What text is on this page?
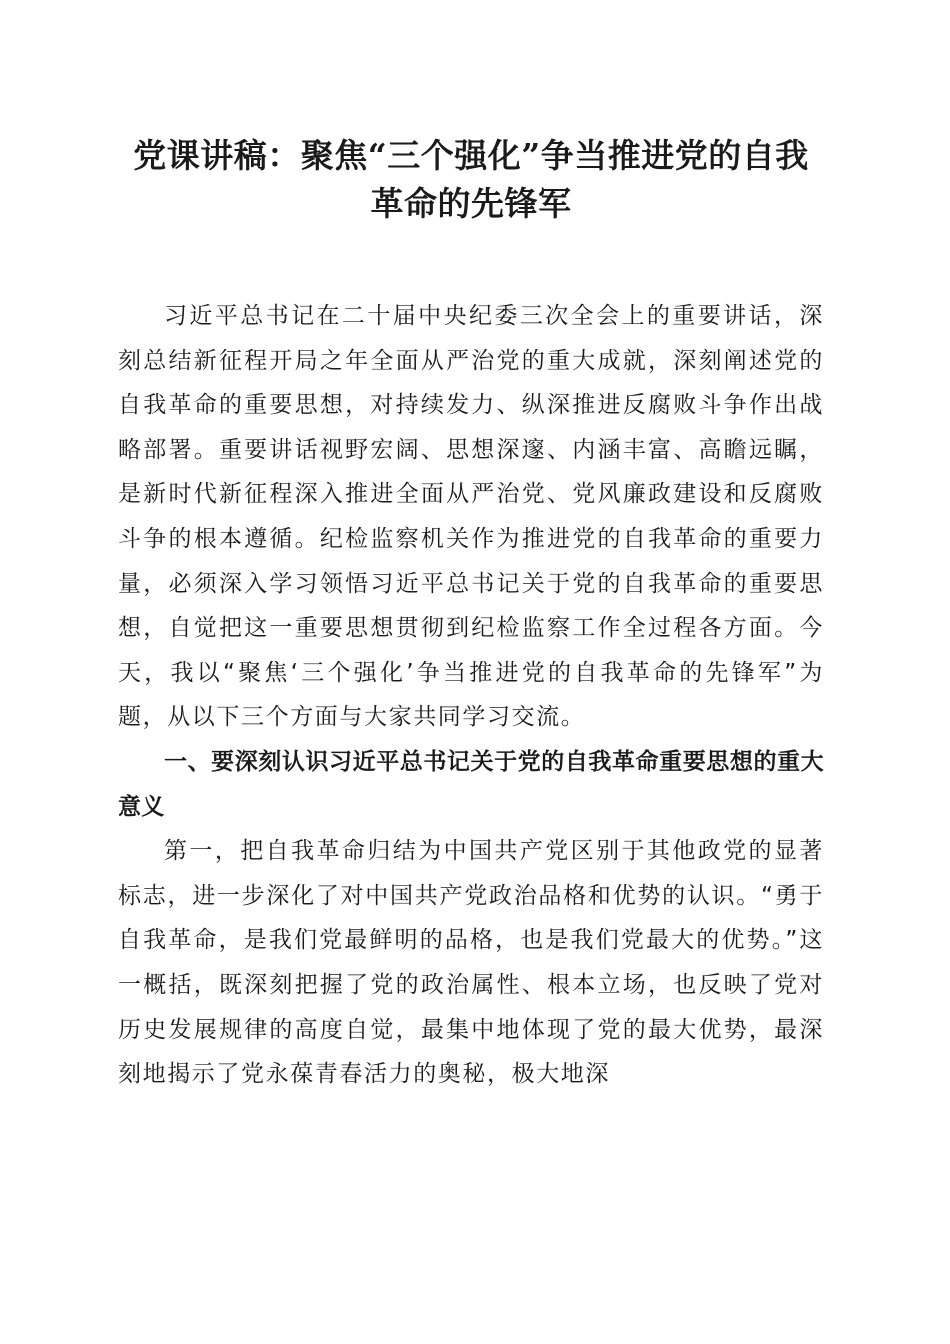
党课讲稿：聚焦“三个强化”争当推进党的自我革命的先锋军

习近平总书记在二十届中央纪委三次全会上的重要讲话，深刻总结新征程开局之年全面从严治党的重大成就，深刻阐述党的自我革命的重要思想，对持续发力、纵深推进反腐败斗争作出战略部署。重要讲话视野宏阔、思想深邃、内涵丰富、高瞻远瞩，是新时代新征程深入推进全面从严治党、党风廉政建设和反腐败斗争的根本遵循。纪检监察机关作为推进党的自我革命的重要力量，必须深入学习领悟习近平总书记关于党的自我革命的重要思想，自觉把这一重要思想贯彻到纪检监察工作全过程各方面。今天，我以“聚焦‘三个强化’争当推进党的自我革命的先锋军”为题，从以下三个方面与大家共同学习交流。

一、要深刻认识习近平总书记关于党的自我革命重要思想的重大意义

第一，把自我革命归结为中国共产党区别于其他政党的显著标志，进一步深化了对中国共产党政治品格和优势的认识。“勇于自我革命，是我们党最鲜明的品格，也是我们党最大的优势。”这一概括，既深刻把握了党的政治属性、根本立场，也反映了党对历史发展规律的高度自觉，最集中地体现了党的最大优势，最深刻地揭示了党永葆青春活力的奥秘，极大地深
